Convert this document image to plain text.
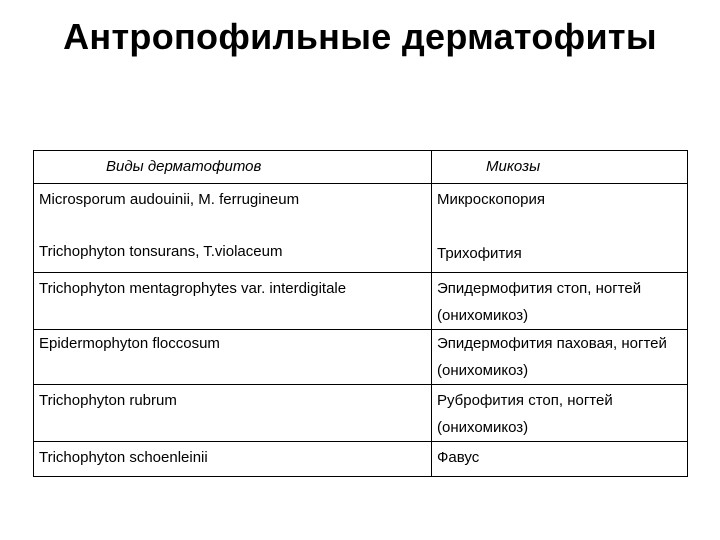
Антропофильные дерматофиты
Виды дерматофитов	Микозы

Microsporum audouinii, M. ferrugineum	Микроскопория

Trichophyton tonsurans, T.violaceum	Трихофития

Trichophyton mentagrophytes var. interdigitale	Эпидермофития стоп, ногтей (онихомикоз)

Epidermophyton floccosum	Эпидермофития паховая, ногтей (онихомикоз)

Trichophyton rubrum	Руброфития стоп, ногтей (онихомикоз)

Trichophyton schoenleinii	Фавус
